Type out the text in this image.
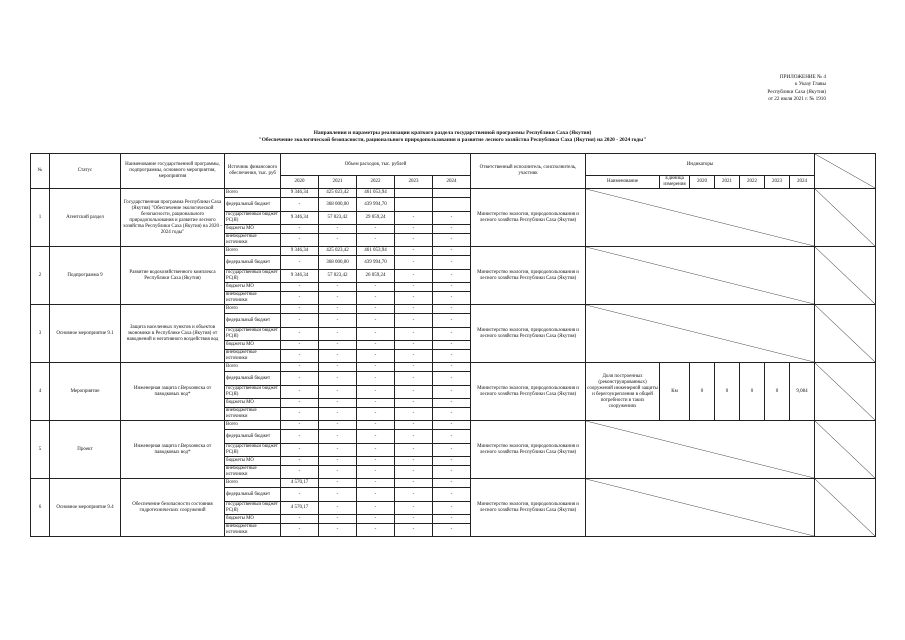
ПРИЛОЖЕНИЕ № 4
к Указу Главы
Республики Саха (Якутия)
от 22 июля 2021 г. № 1910
Направления и параметры реализации краткого раздела государственной программы Республики Саха (Якутия)
"Обеспечение экологической безопасности, рационального природопользования и развитие лесного хозяйства Республики Саха (Якутия) на 2020 - 2024 годы"
№	Статус	Наименование государственной программы, подпрограммы, основного мероприятия, мероприятия	Источник финансового обеспечения, тыс. руб	Объем расходов, тыс. рублей					Ответственный исполнитель, соисполнитель, участник	Индикаторы							
				2020	2021	2022	2023	2024		Наименование	Единица измерения	2020	2021	2022	2023	2024	
1	Агентский раздел	Государственная программа Республики Саха (Якутия) "Обеспечение экологической безопасности, рационального природопользования и развитие лесного хозяйства Республики Саха (Якутия) на 2020 - 2024 годы"	Всего	9 346,34	425 023,42	461 053,94			Министерство экологии, природопользования и лесного хозяйства Республики Саха (Якутия)								
			федеральный бюджет	-	368 000,00	439 994,70											
			государственный бюджет РС(Я)	9 346,34	57 023,42	29 059,24	-	-									
			бюджеты МО	-	-	-	-	-									
			внебюджетные источники	-	-	-	-	-									
2	Подпрограмма 9	Развитие водохозяйственного комплекса Республики Саха (Якутия)	Всего	9 346,34	425 023,42	461 053,94	-	-	Министерство экологии, природопользования и лесного хозяйства Республики Саха (Якутия)								
			федеральный бюджет	-	368 000,00	439 994,70	-	-									
			государственный бюджет РС(Я)	9 346,34	57 023,42	26 059,24	-	-									
			бюджеты МО	-	-	-	-	-									
			внебюджетные источники	-	-	-	-	-									
3	Основное мероприятие 9.1	Защита населенных пунктов и объектов экономики в Республике Саха (Якутия) от наводнений и негативного воздействия вод	Всего	-	-	-	-	-	Министерство экологии, природопользования и лесного хозяйства Республики Саха (Якутия)								
			федеральный бюджет	-	-	-	-	-									
			государственный бюджет РС(Я)	-	-	-	-	-									
			бюджеты МО	-	-	-	-	-									
			внебюджетные источники	-	-	-	-	-									
4	Мероприятие	Инженерная защита г.Верхоянска от паводковых вод*	Всего	-	-	-	-	-	Министерство экологии, природопользования и лесного хозяйства Республики Саха (Якутия)	Доля построенных (реконструированных) сооружений инженерной защиты и берегоукрепления в общей потребности в таких сооружениях	Км	0	0	0	0	9,084	
			федеральный бюджет	-	-	-	-	-									
			государственный бюджет РС(Я)	-	-	-	-	-									
			бюджеты МО	-	-	-	-	-									
			внебюджетные источники	-	-	-	-	-									
5	Проект	Инженерная защита г.Верхоянска от паводковых вод*	Всего	-	-	-	-	-	Министерство экологии, природопользования и лесного хозяйства Республики Саха (Якутия)								
			федеральный бюджет	-	-	-	-	-									
			государственный бюджет РС(Я)	-	-	-	-	-									
			бюджеты МО	-	-	-	-	-									
			внебюджетные источники	-	-	-	-	-									
6	Основное мероприятие 9.4	Обеспечение безопасности состояния гидротехнических сооружений	Всего	4 570,17	-	-	-	-	Министерство экологии, природопользования и лесного хозяйства Республики Саха (Якутия)								
			федеральный бюджет	-	-	-	-	-									
			государственный бюджет РС(Я)	4 570,17	-	-	-	-									
			бюджеты МО	-	-	-	-	-									
			внебюджетные источники	-	-	-	-	-									
